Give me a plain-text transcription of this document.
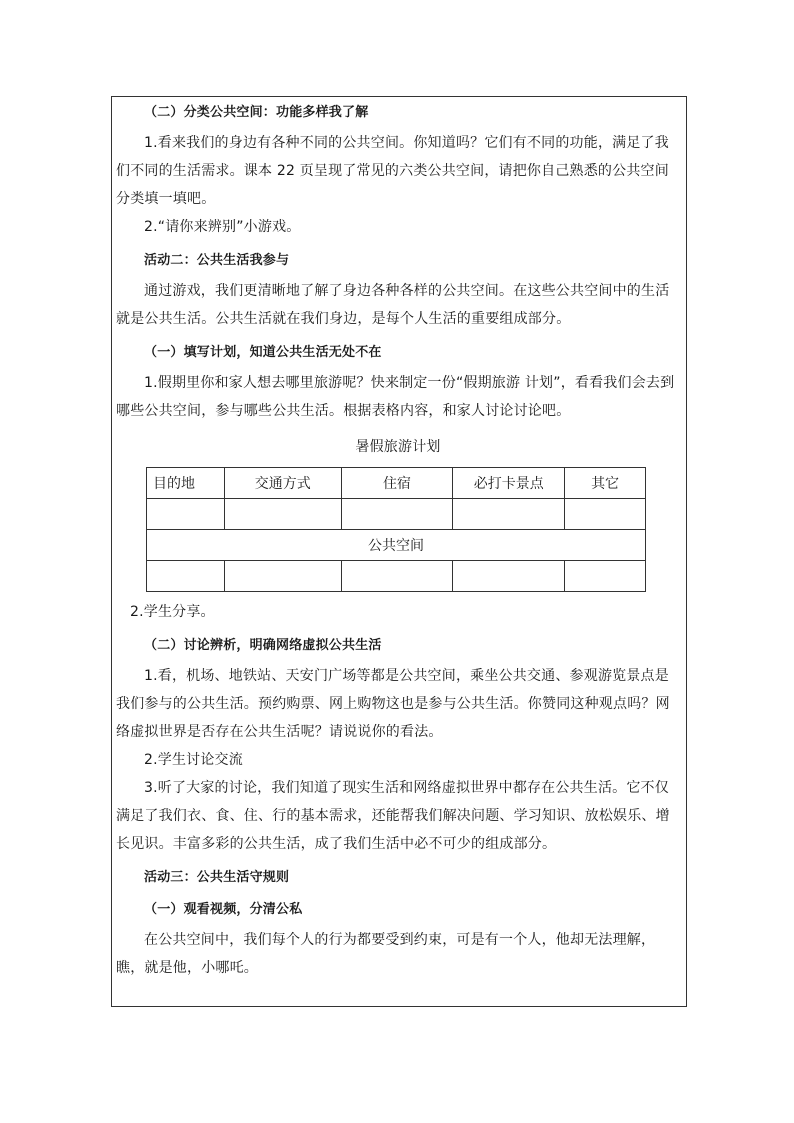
（二）分类公共空间：功能多样我了解

1.看来我们的身边有各种不同的公共空间。你知道吗？它们有不同的功能，满足了我们不同的生活需求。课本 22 页呈现了常见的六类公共空间，请把你自己熟悉的公共空间分类填一填吧。

2.“请你来辨别”小游戏。

活动二：公共生活我参与

通过游戏，我们更清晰地了解了身边各种各样的公共空间。在这些公共空间中的生活就是公共生活。公共生活就在我们身边，是每个人生活的重要组成部分。

（一）填写计划，知道公共生活无处不在

1.假期里你和家人想去哪里旅游呢？快来制定一份“假期旅游 计划”，看看我们会去到哪些公共空间，参与哪些公共生活。根据表格内容，和家人讨论讨论吧。

暑假旅游计划

目的地	交通方式	住宿	必打卡景点	其它

公共空间				

2.学生分享。

（二）讨论辨析，明确网络虚拟公共生活

1.看，机场、地铁站、天安门广场等都是公共空间，乘坐公共交通、参观游览景点是我们参与的公共生活。预约购票、网上购物这也是参与公共生活。你赞同这种观点吗？网络虚拟世界是否存在公共生活呢？请说说你的看法。

2.学生讨论交流

3.听了大家的讨论，我们知道了现实生活和网络虚拟世界中都存在公共生活。它不仅满足了我们衣、食、住、行的基本需求，还能帮我们解决问题、学习知识、放松娱乐、增长见识。丰富多彩的公共生活，成了我们生活中必不可少的组成部分。

活动三：公共生活守规则

（一）观看视频，分清公私

在公共空间中，我们每个人的行为都要受到约束，可是有一个人，他却无法理解，瞧，就是他，小哪吒。
